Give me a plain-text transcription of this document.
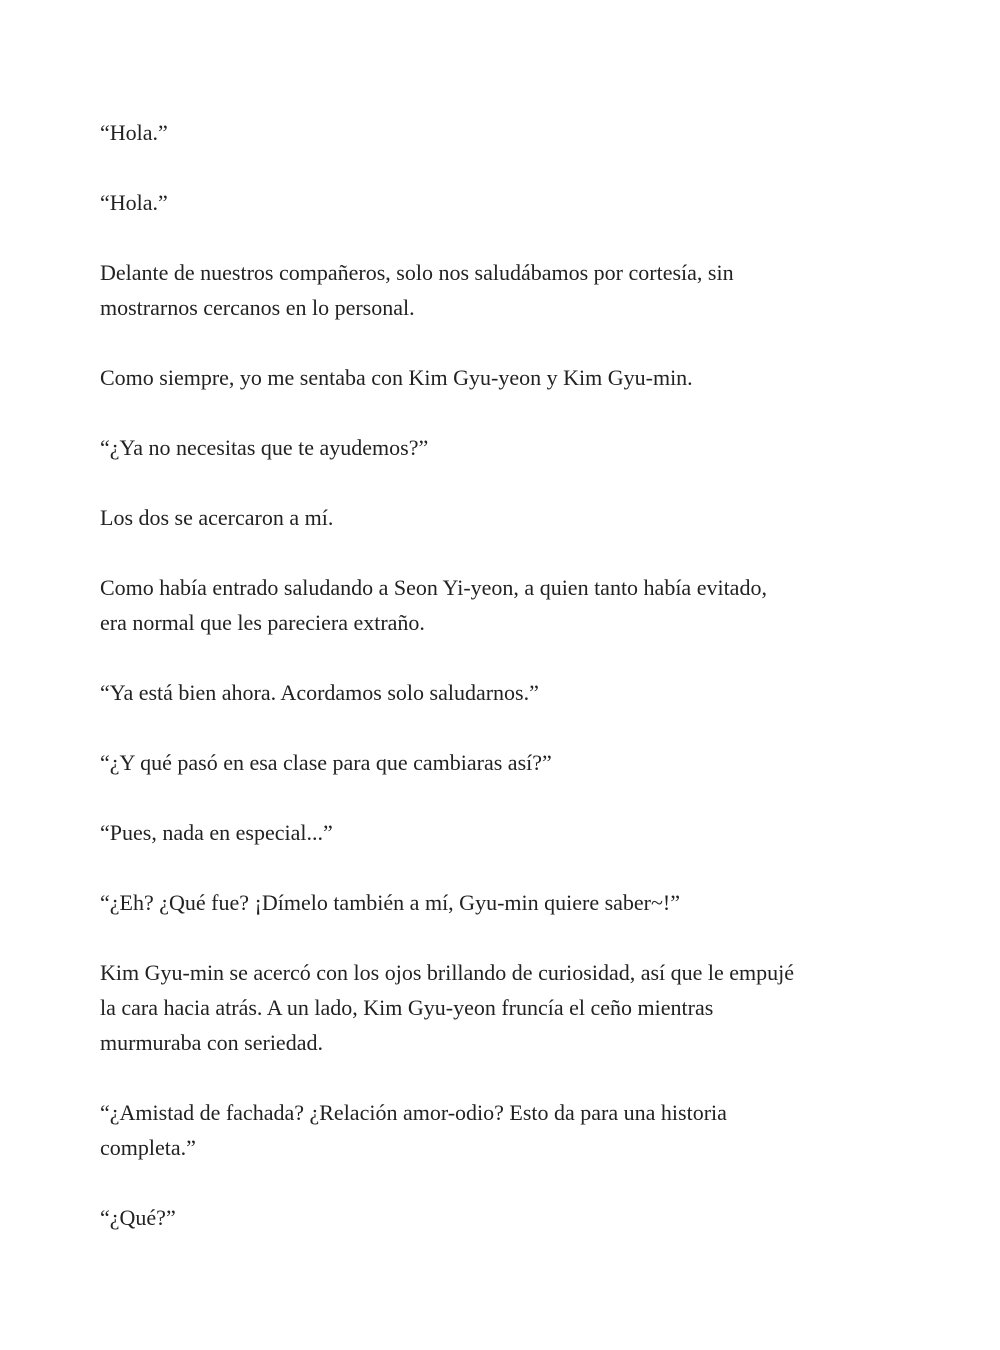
“Hola.”

“Hola.”

Delante de nuestros compañeros, solo nos saludábamos por cortesía, sin
mostrarnos cercanos en lo personal.

Como siempre, yo me sentaba con Kim Gyu-yeon y Kim Gyu-min.

“¿Ya no necesitas que te ayudemos?”

Los dos se acercaron a mí.

Como había entrado saludando a Seon Yi-yeon, a quien tanto había evitado,
era normal que les pareciera extraño.

“Ya está bien ahora. Acordamos solo saludarnos.”

“¿Y qué pasó en esa clase para que cambiaras así?”

“Pues, nada en especial...”

“¿Eh? ¿Qué fue? ¡Dímelo también a mí, Gyu-min quiere saber~!”

Kim Gyu-min se acercó con los ojos brillando de curiosidad, así que le empujé
la cara hacia atrás. A un lado, Kim Gyu-yeon fruncía el ceño mientras
murmuraba con seriedad.

“¿Amistad de fachada? ¿Relación amor-odio? Esto da para una historia
completa.”

“¿Qué?”
